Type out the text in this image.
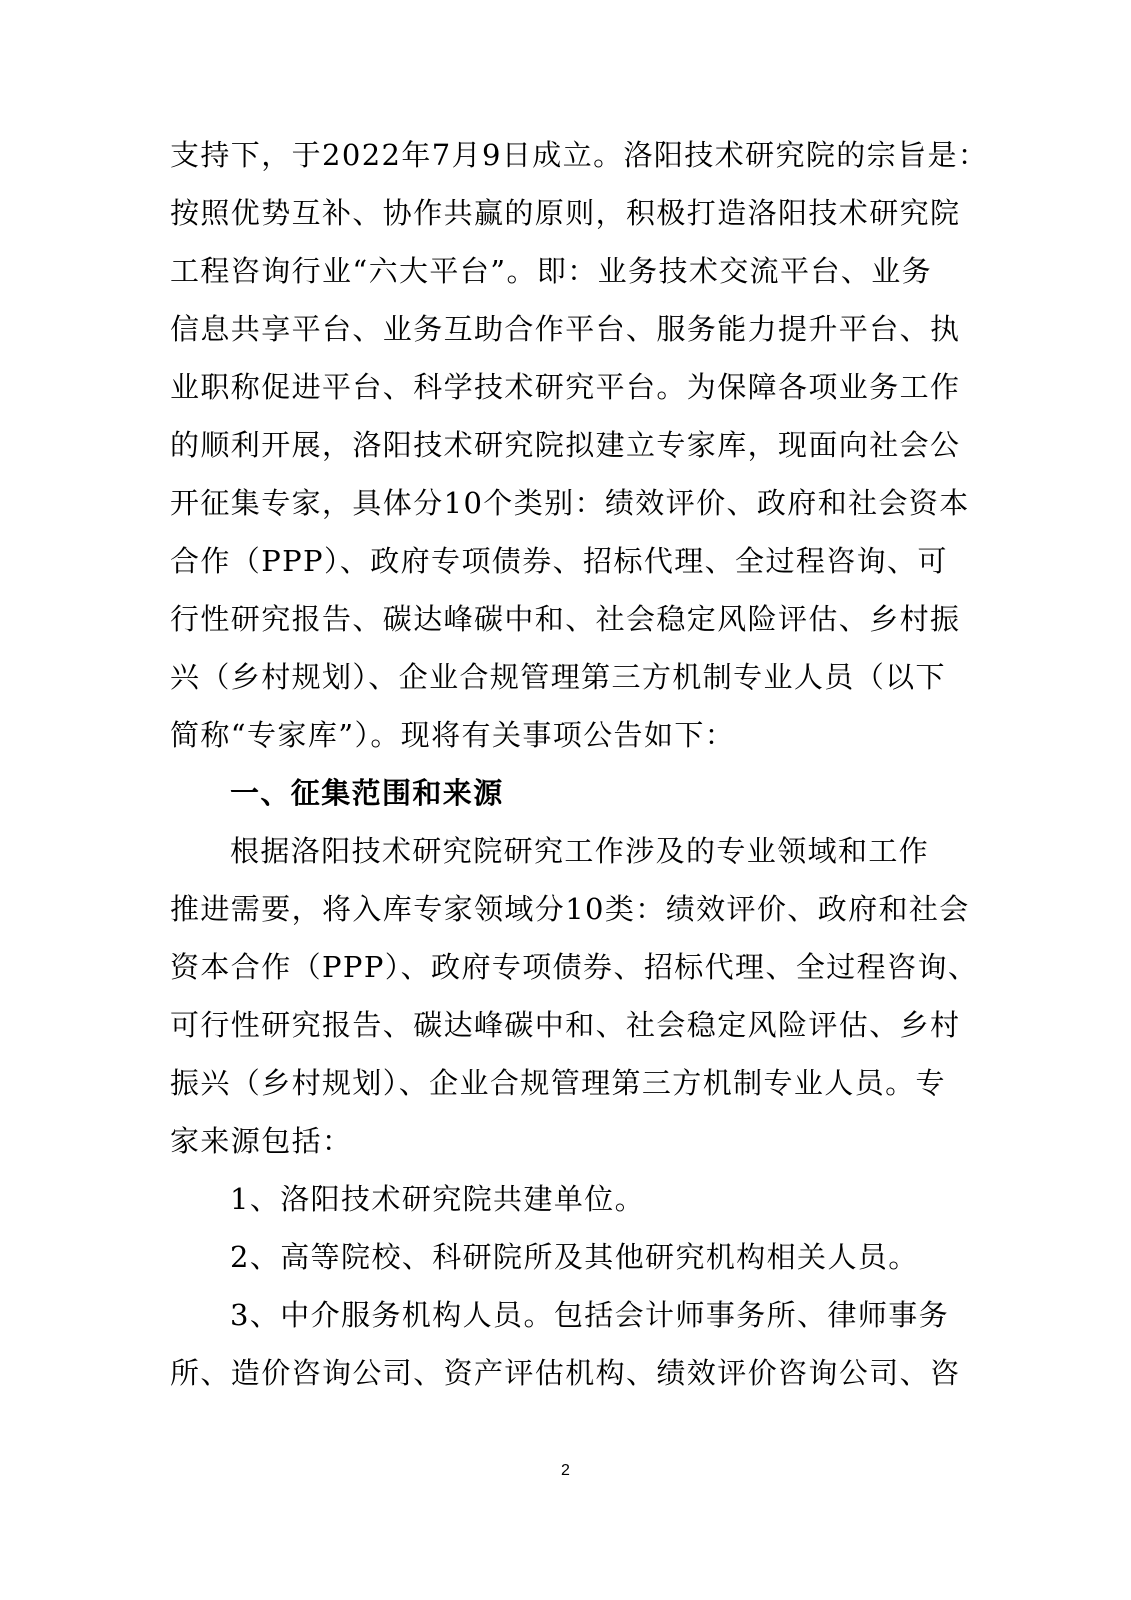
支持下，于2022年7月9日成立。洛阳技术研究院的宗旨是：
按照优势互补、协作共赢的原则，积极打造洛阳技术研究院
工程咨询行业“六大平台”。即：业务技术交流平台、业务
信息共享平台、业务互助合作平台、服务能力提升平台、执
业职称促进平台、科学技术研究平台。为保障各项业务工作
的顺利开展，洛阳技术研究院拟建立专家库，现面向社会公
开征集专家，具体分10个类别：绩效评价、政府和社会资本
合作（PPP）、政府专项债券、招标代理、全过程咨询、可
行性研究报告、碳达峰碳中和、社会稳定风险评估、乡村振
兴（乡村规划）、企业合规管理第三方机制专业人员（以下
简称“专家库”）。现将有关事项公告如下：
一、征集范围和来源
根据洛阳技术研究院研究工作涉及的专业领域和工作
推进需要，将入库专家领域分10类：绩效评价、政府和社会
资本合作（PPP）、政府专项债券、招标代理、全过程咨询、
可行性研究报告、碳达峰碳中和、社会稳定风险评估、乡村
振兴（乡村规划）、企业合规管理第三方机制专业人员。专
家来源包括：
1、洛阳技术研究院共建单位。
2、高等院校、科研院所及其他研究机构相关人员。
3、中介服务机构人员。包括会计师事务所、律师事务
所、造价咨询公司、资产评估机构、绩效评价咨询公司、咨
2
